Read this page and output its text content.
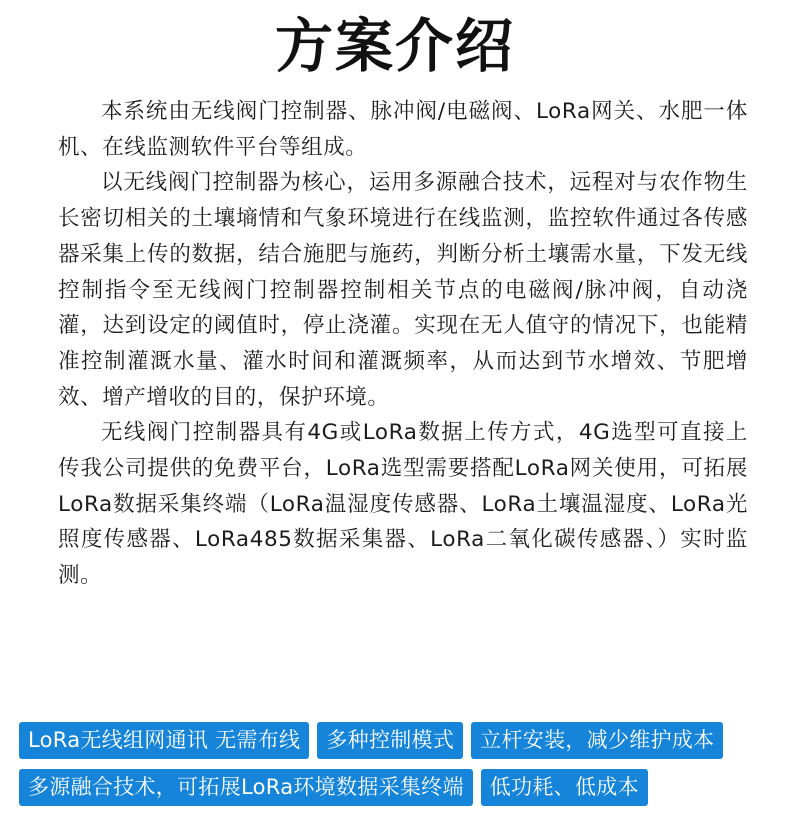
方案介绍

本系统由无线阀门控制器、脉冲阀/电磁阀、LoRa网关、水肥一体机、在线监测软件平台等组成。

以无线阀门控制器为核心，运用多源融合技术，远程对与农作物生长密切相关的土壤墒情和气象环境进行在线监测，监控软件通过各传感器采集上传的数据，结合施肥与施药，判断分析土壤需水量，下发无线控制指令至无线阀门控制器控制相关节点的电磁阀/脉冲阀，自动浇灌，达到设定的阈值时，停止浇灌。实现在无人值守的情况下，也能精准控制灌溉水量、灌水时间和灌溉频率，从而达到节水增效、节肥增效、增产增收的目的，保护环境。

无线阀门控制器具有4G或LoRa数据上传方式，4G选型可直接上传我公司提供的免费平台，LoRa选型需要搭配LoRa网关使用，可拓展LoRa数据采集终端（LoRa温湿度传感器、LoRa土壤温湿度、LoRa光照度传感器、LoRa485数据采集器、LoRa二氧化碳传感器、）实时监测。

LoRa无线组网通讯 无需布线	多种控制模式	立杆安装，减少维护成本
多源融合技术，可拓展LoRa环境数据采集终端	低功耗、低成本
